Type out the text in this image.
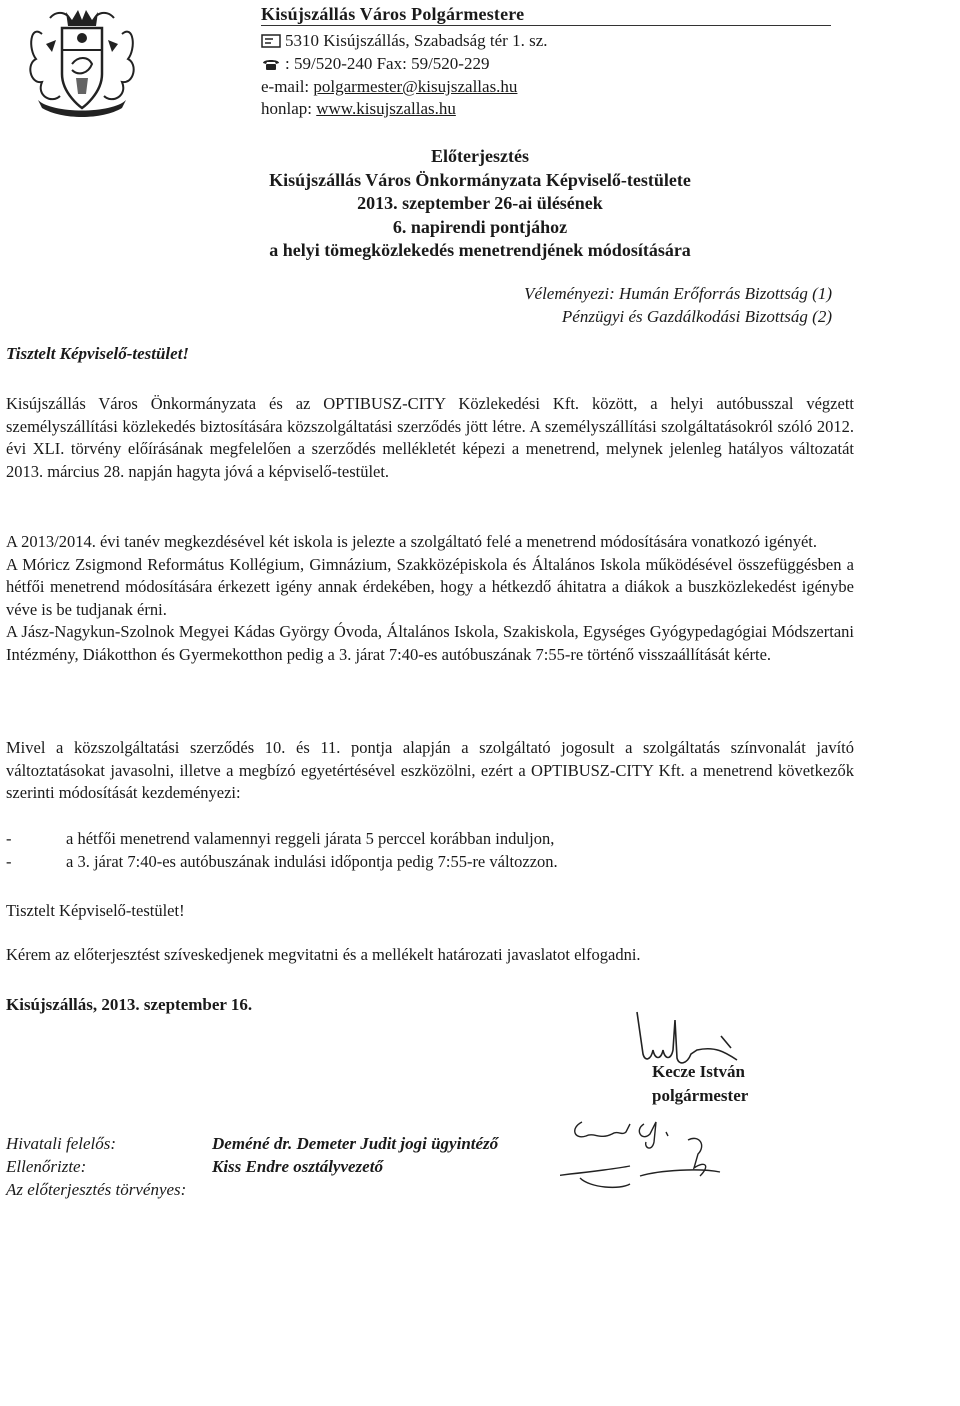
Kisújszállás Város Polgármestere
5310 Kisújszállás, Szabadság tér 1. sz.
: 59/520-240 Fax: 59/520-229
e-mail: polgarmester@kisujszallas.hu
honlap: www.kisujszallas.hu
Előterjesztés
Kisújszállás Város Önkormányzata Képviselő-testülete
2013. szeptember 26-ai ülésének
6. napirendi pontjához
a helyi tömegközlekedés menetrendjének módosítására
Véleményezi: Humán Erőforrás Bizottság (1)
Pénzügyi és Gazdálkodási Bizottság (2)
Tisztelt Képviselő-testület!
Kisújszállás Város Önkormányzata és az OPTIBUSZ-CITY Közlekedési Kft. között, a helyi autóbusszal végzett személyszállítási közlekedés biztosítására közszolgáltatási szerződés jött létre. A személyszállítási szolgáltatásokról szóló 2012. évi XLI. törvény előírásának megfelelően a szerződés mellékletét képezi a menetrend, melynek jelenleg hatályos változatát 2013. március 28. napján hagyta jóvá a képviselő-testület.
A 2013/2014. évi tanév megkezdésével két iskola is jelezte a szolgáltató felé a menetrend módosítására vonatkozó igényét.
A Móricz Zsigmond Református Kollégium, Gimnázium, Szakközépiskola és Általános Iskola működésével összefüggésben a hétfői menetrend módosítására érkezett igény annak érdekében, hogy a hétkezdő áhitatra a diákok a buszközlekedést igénybe véve is be tudjanak érni.
A Jász-Nagykun-Szolnok Megyei Kádas György Óvoda, Általános Iskola, Szakiskola, Egységes Gyógypedagógiai Módszertani Intézmény, Diákotthon és Gyermekotthon pedig a 3. járat 7:40-es autóbuszának 7:55-re történő visszaállítását kérte.
Mivel a közszolgáltatási szerződés 10. és 11. pontja alapján a szolgáltató jogosult a szolgáltatás színvonalát javító változtatásokat javasolni, illetve a megbízó egyetértésével eszközölni, ezért a OPTIBUSZ-CITY Kft. a menetrend következők szerinti módosítását kezdeményezi:
-	a hétfői menetrend valamennyi reggeli járata 5 perccel korábban induljon,
-	a 3. járat 7:40-es autóbuszának indulási időpontja pedig 7:55-re változzon.
Tisztelt Képviselő-testület!
Kérem az előterjesztést szíveskedjenek megvitatni és a mellékelt határozati javaslatot elfogadni.
Kisújszállás, 2013. szeptember 16.
Kecze István
polgármester
Hivatali felelős:	Deméné dr. Demeter Judit jogi ügyintéző
Ellenőrizte:	Kiss Endre osztályvezető
Az előterjesztés törvényes:
